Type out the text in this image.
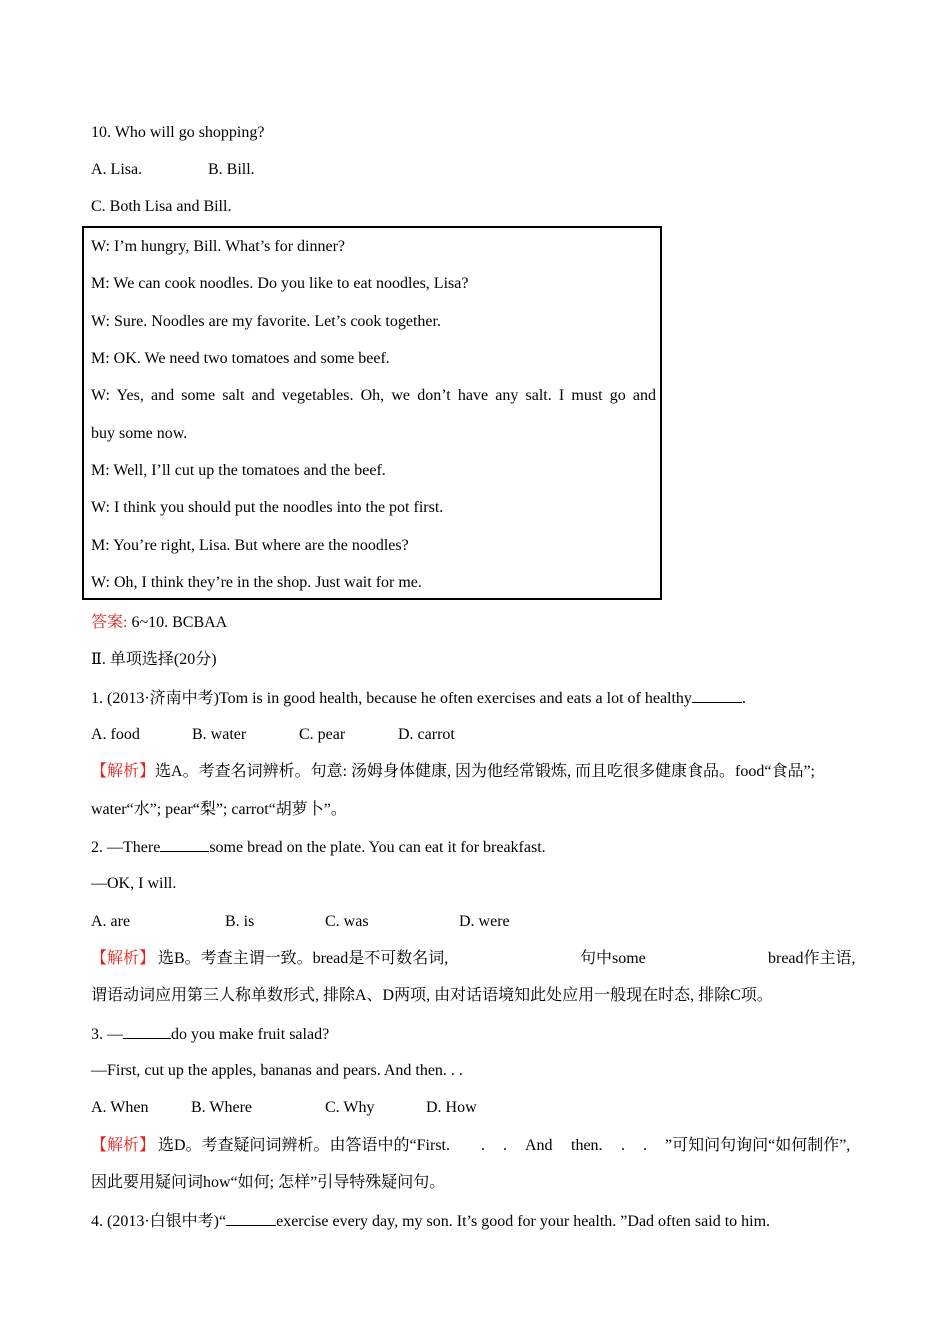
10. Who will go shopping?
A. Lisa.	B. Bill.
C. Both Lisa and Bill.
W: I’m hungry, Bill. What’s for dinner?
M: We can cook noodles. Do you like to eat noodles, Lisa?
W: Sure. Noodles are my favorite. Let’s cook together.
M: OK. We need two tomatoes and some beef.
W: Yes, and some salt and vegetables. Oh, we don’t have any salt. I must go and
buy some now.
M: Well, I’ll cut up the tomatoes and the beef.
W: I think you should put the noodles into the pot first.
M: You’re right, Lisa. But where are the noodles?
W: Oh, I think they’re in the shop. Just wait for me.
答案: 6~10. BCBAA
Ⅱ. 单项选择(20分)
1. (2013·济南中考)Tom is in good health, because he often exercises and eats a lot of healthy	.
A. food	B. water	C. pear	D. carrot
【解析】选A。考查名词辨析。句意: 汤姆身体健康, 因为他经常锻炼, 而且吃很多健康食品。food“食品”;
water“水”; pear“梨”; carrot“胡萝卜”。
2. —There	some bread on the plate. You can eat it for breakfast.
—OK, I will.
A. are	B. is	C. was	D. were
【解析】 选B。考查主谓一致。bread是不可数名词,	句中some	bread作主语,
谓语动词应用第三人称单数形式, 排除A、D两项, 由对话语境知此处应用一般现在时态, 排除C项。
3. —	do you make fruit salad?
—First, cut up the apples, bananas and pears. And then. . .
A. When	B. Where	C. Why	D. How
【解析】 选D。考查疑问词辨析。由答语中的“First. . . And then. . . ”可知问句询问“如何制作”,
因此要用疑问词how“如何; 怎样”引导特殊疑问句。
4. (2013·白银中考)“	exercise every day, my son. It’s good for your health. ”Dad often said to him.
